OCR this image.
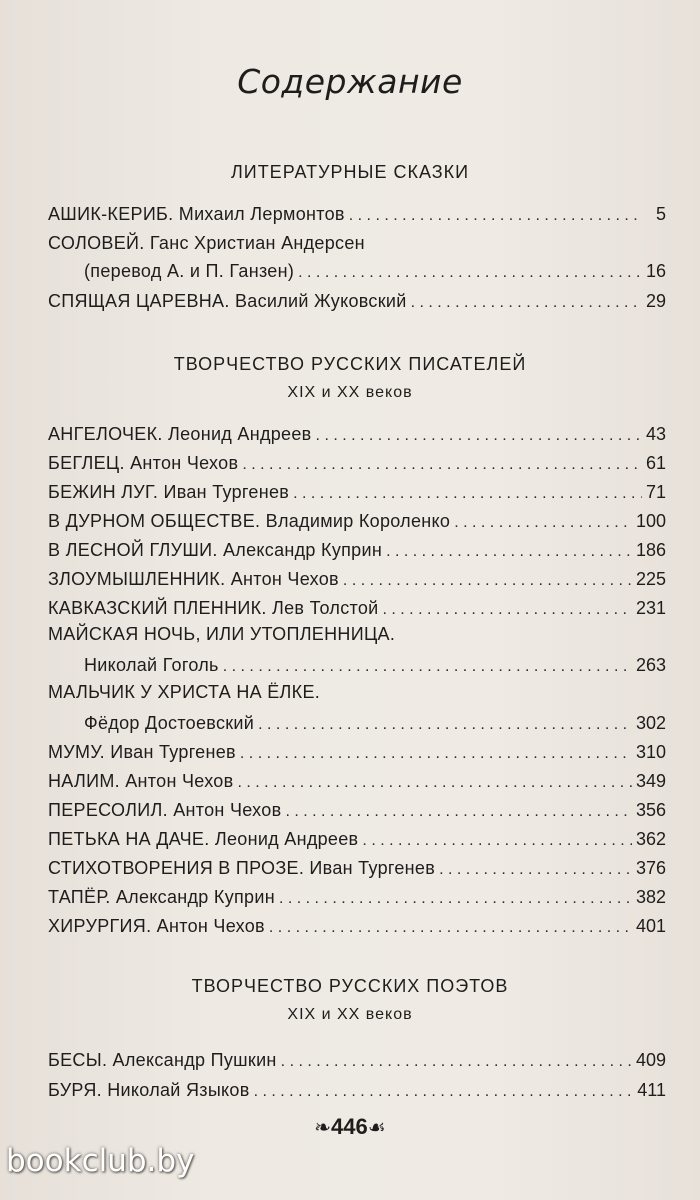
Содержание
ЛИТЕРАТУРНЫЕ СКАЗКИ
АШИК-КЕРИБ. Михаил Лермонтов . . .	5
СОЛОВЕЙ. Ганс Христиан Андерсен
(перевод А. и П. Ганзен) . . .	16
СПЯЩАЯ ЦАРЕВНА. Василий Жуковский . . .	29
ТВОРЧЕСТВО РУССКИХ ПИСАТЕЛЕЙ
XIX и XX веков
АНГЕЛОЧЕК. Леонид Андреев . . .	43
БЕГЛЕЦ. Антон Чехов . . .	61
БЕЖИН ЛУГ. Иван Тургенев . . .	71
В ДУРНОМ ОБЩЕСТВЕ. Владимир Короленко . . .	100
В ЛЕСНОЙ ГЛУШИ. Александр Куприн . . .	186
ЗЛОУМЫШЛЕННИК. Антон Чехов . . .	225
КАВКАЗСКИЙ ПЛЕННИК. Лев Толстой . . .	231
МАЙСКАЯ НОЧЬ, ИЛИ УТОПЛЕННИЦА.
Николай Гоголь . . .	263
МАЛЬЧИК У ХРИСТА НА ЁЛКЕ.
Фёдор Достоевский . . .	302
МУМУ. Иван Тургенев . . .	310
НАЛИМ. Антон Чехов . . .	349
ПЕРЕСОЛИЛ. Антон Чехов . . .	356
ПЕТЬКА НА ДАЧЕ. Леонид Андреев . . .	362
СТИХОТВОРЕНИЯ В ПРОЗЕ. Иван Тургенев . . .	376
ТАПЁР. Александр Куприн . . .	382
ХИРУРГИЯ. Антон Чехов . . .	401
ТВОРЧЕСТВО РУССКИХ ПОЭТОВ
XIX и XX веков
БЕСЫ. Александр Пушкин . . .	409
БУРЯ. Николай Языков . . .	411
❧446☙
bookclub.by
